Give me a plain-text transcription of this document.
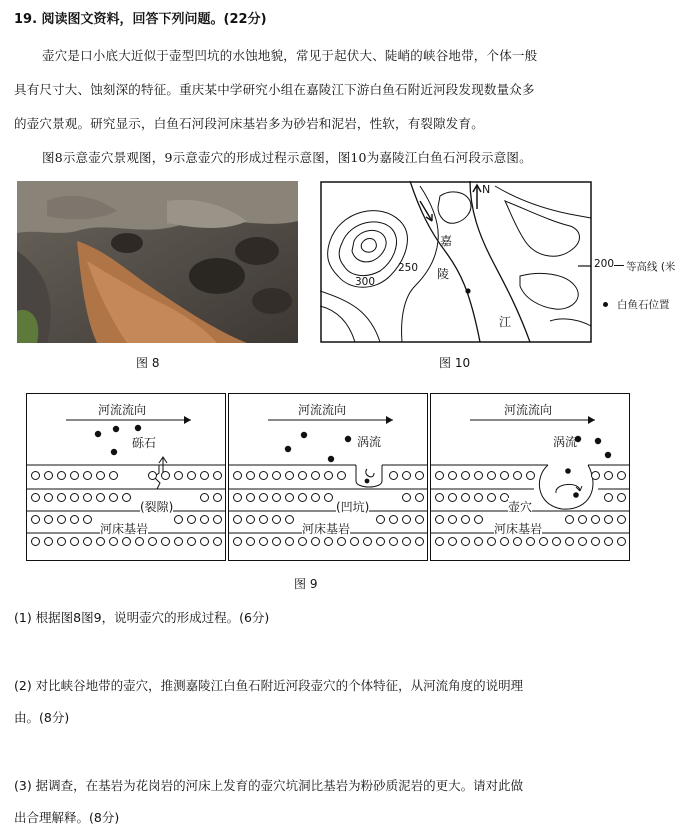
19. 阅读图文资料，回答下列问题。(22分)
壶穴是口小底大近似于壶型凹坑的水蚀地貌，常见于起伏大、陡峭的峡谷地带，个体一般
具有尺寸大、蚀刻深的特征。重庆某中学研究小组在嘉陵江下游白鱼石附近河段发现数量众多
的壶穴景观。研究显示，白鱼石河段河床基岩多为砂岩和泥岩，性软，有裂隙发育。
图8示意壶穴景观图，9示意壶穴的形成过程示意图，图10为嘉陵江白鱼石河段示意图。
图 8
N
300
250
嘉
陵
江
200 等高线 (米
白鱼石位置
图 10
河流流向	河流流向	河流流向
砾石	涡流	涡流
(裂隙)	(凹坑)	壶穴
河床基岩	河床基岩	河床基岩
图 9
(1) 根据图8图9，说明壶穴的形成过程。(6分)
(2) 对比峡谷地带的壶穴，推测嘉陵江白鱼石附近河段壶穴的个体特征，从河流角度的说明理
由。(8分)
(3) 据调查，在基岩为花岗岩的河床上发育的壶穴坑洞比基岩为粉砂质泥岩的更大。请对此做
出合理解释。(8分)
